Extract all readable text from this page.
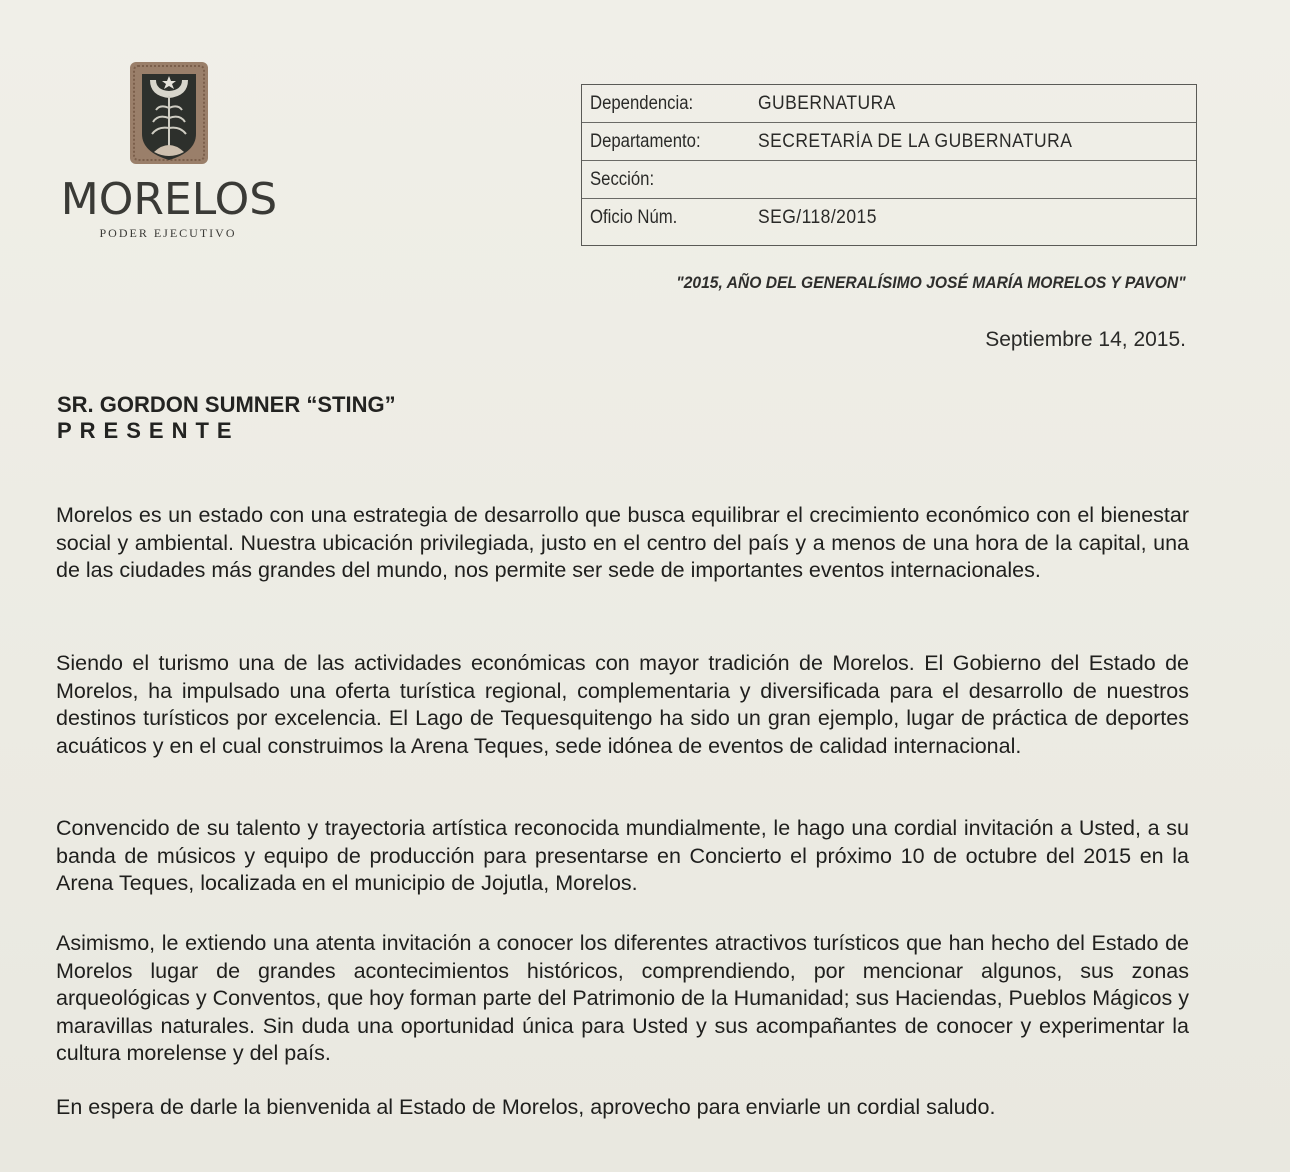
MORELOS
PODER EJECUTIVO
Dependencia:	GUBERNATURA
Departamento:	SECRETARÍA DE LA GUBERNATURA
Sección:
Oficio Núm.	SEG/118/2015
"2015, AÑO DEL GENERALÍSIMO JOSÉ MARÍA MORELOS Y PAVON"
Septiembre 14, 2015.
SR. GORDON SUMNER “STING”
PRESENTE

Morelos es un estado con una estrategia de desarrollo que busca equilibrar el crecimiento económico con el bienestar social y ambiental. Nuestra ubicación privilegiada, justo en el centro del país y a menos de una hora de la capital, una de las ciudades más grandes del mundo, nos permite ser sede de importantes eventos internacionales.

Siendo el turismo una de las actividades económicas con mayor tradición de Morelos. El Gobierno del Estado de Morelos, ha impulsado una oferta turística regional, complementaria y diversificada para el desarrollo de nuestros destinos turísticos por excelencia. El Lago de Tequesquitengo ha sido un gran ejemplo, lugar de práctica de deportes acuáticos y en el cual construimos la Arena Teques, sede idónea de eventos de calidad internacional.

Convencido de su talento y trayectoria artística reconocida mundialmente, le hago una cordial invitación a Usted, a su banda de músicos y equipo de producción para presentarse en Concierto el próximo 10 de octubre del 2015 en la Arena Teques, localizada en el municipio de Jojutla, Morelos.

Asimismo, le extiendo una atenta invitación a conocer los diferentes atractivos turísticos que han hecho del Estado de Morelos lugar de grandes acontecimientos históricos, comprendiendo, por mencionar algunos, sus zonas arqueológicas y Conventos, que hoy forman parte del Patrimonio de la Humanidad; sus Haciendas, Pueblos Mágicos y maravillas naturales. Sin duda una oportunidad única para Usted y sus acompañantes de conocer y experimentar la cultura morelense y del país.

En espera de darle la bienvenida al Estado de Morelos, aprovecho para enviarle un cordial saludo.
